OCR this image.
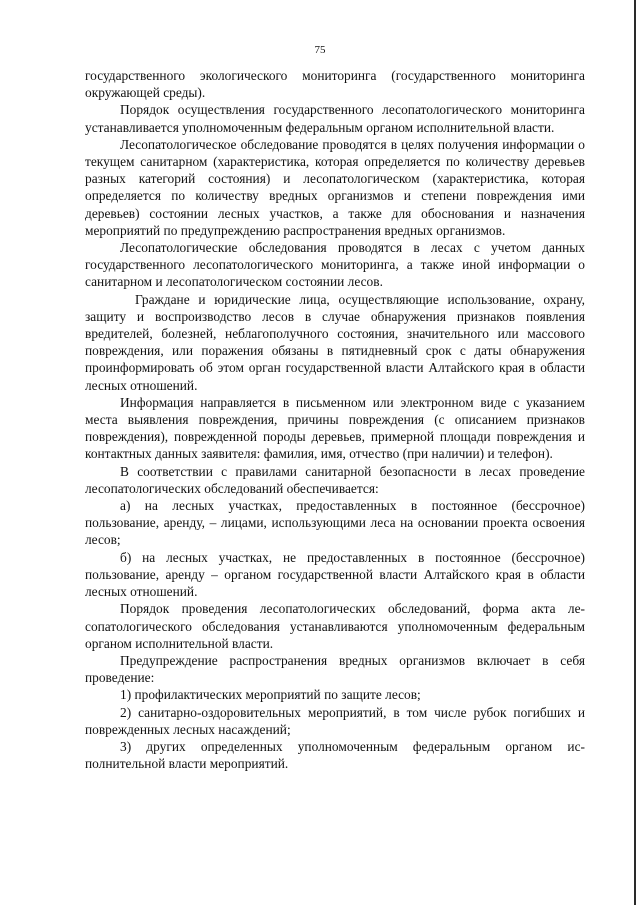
75

государственного экологического мониторинга (государственного мониторинга окружающей среды).

Порядок осуществления государственного лесопатологического мониторинга устанавливается уполномоченным федеральным органом исполнительной власти.

Лесопатологическое обследование проводятся в целях получения информации о текущем санитарном (характеристика, которая определяется по количеству деревьев разных категорий состояния) и лесопатологическом (характеристика, которая определяется по количеству вредных организмов и степени повреждения ими деревьев) состоянии лесных участков, а также для обоснования и назначения мероприятий по предупреждению распространения вредных организмов.

Лесопатологические обследования проводятся в лесах с учетом данных государственного лесопатологического мониторинга, а также иной информации о санитарном и лесопатологическом состоянии лесов.

Граждане и юридические лица, осуществляющие использование, охрану, защиту и воспроизводство лесов в случае обнаружения признаков появления вредителей, болезней, неблагополучного состояния, значительного или массового повреждения, или поражения обязаны в пятидневный срок с даты обнаружения проинформировать об этом орган государственной власти Алтайского края в области лесных отношений.

Информация направляется в письменном или электронном виде с указанием места выявления повреждения, причины повреждения (с описанием признаков повреждения), поврежденной породы деревьев, примерной площади повреждения и контактных данных заявителя: фамилия, имя, отчество (при наличии) и телефон).

В соответствии с правилами санитарной безопасности в лесах проведение лесопатологических обследований обеспечивается:

а) на лесных участках, предоставленных в постоянное (бессрочное) пользование, аренду, – лицами, использующими леса на основании проекта освоения лесов;

б) на лесных участках, не предоставленных в постоянное (бессрочное) пользование, аренду – органом государственной власти Алтайского края в области лесных отношений.

Порядок проведения лесопатологических обследований, форма акта лесопатологического обследования устанавливаются уполномоченным федеральным органом исполнительной власти.

Предупреждение распространения вредных организмов включает в себя проведение:

1) профилактических мероприятий по защите лесов;

2) санитарно-оздоровительных мероприятий, в том числе рубок погибших и поврежденных лесных насаждений;

3) других определенных уполномоченным федеральным органом исполнительной власти мероприятий.
